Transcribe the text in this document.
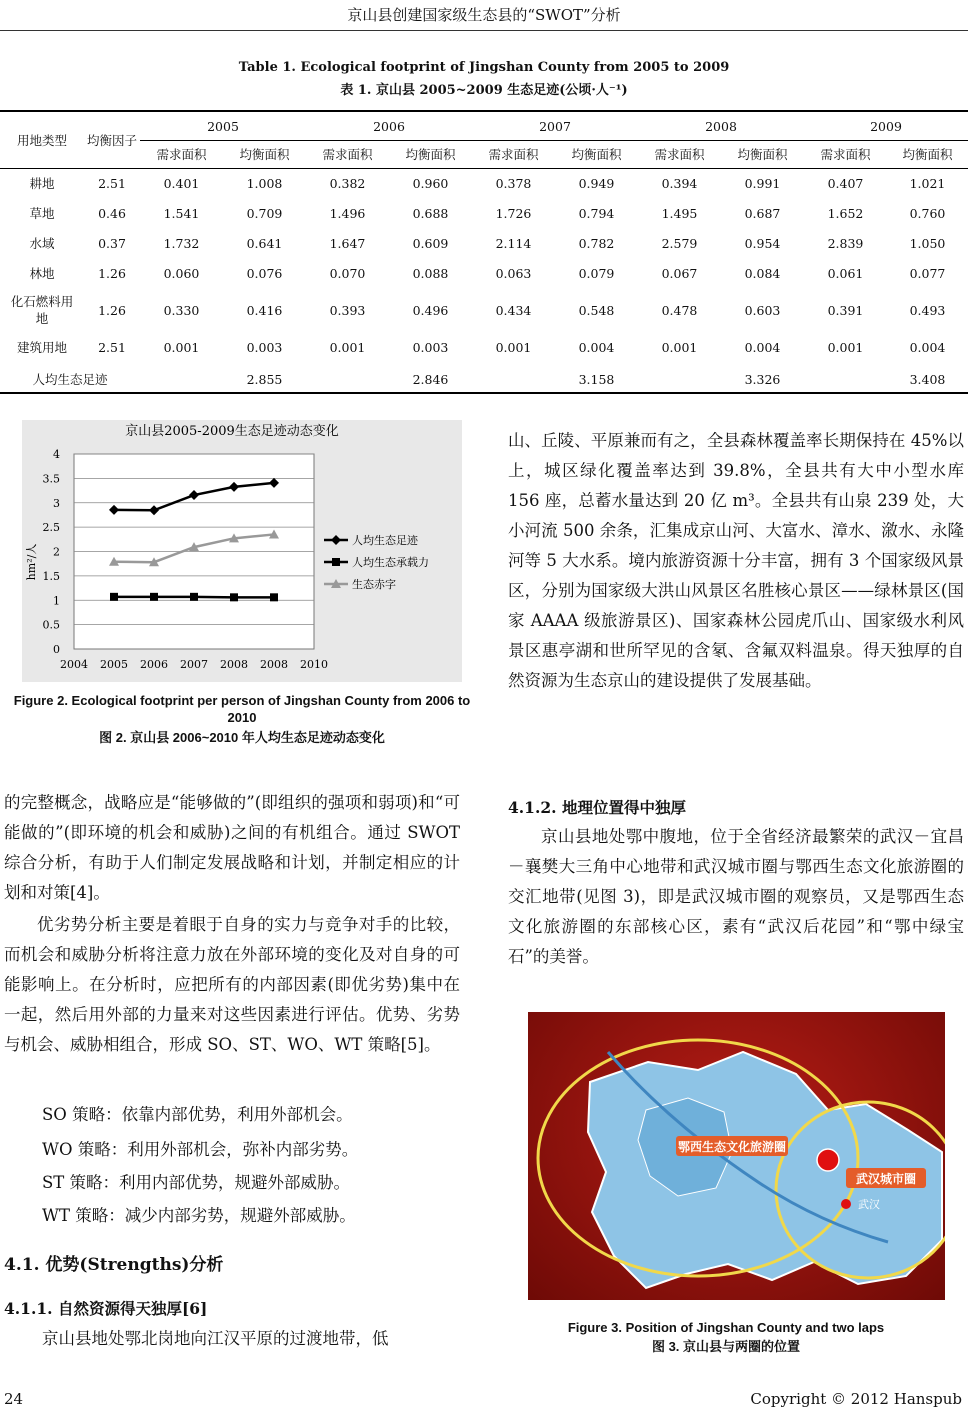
京山县创建国家级生态县的“SWOT”分析
Table 1. Ecological footprint of Jingshan County from 2005 to 2009
表 1. 京山县 2005~2009 生态足迹(公顷·人⁻¹)
用地类型	均衡因子	2005		2006		2007		2008		2009	
		需求面积	均衡面积	需求面积	均衡面积	需求面积	均衡面积	需求面积	均衡面积	需求面积	均衡面积
耕地	2.51	0.401	1.008	0.382	0.960	0.378	0.949	0.394	0.991	0.407	1.021
草地	0.46	1.541	0.709	1.496	0.688	1.726	0.794	1.495	0.687	1.652	0.760
水域	0.37	1.732	0.641	1.647	0.609	2.114	0.782	2.579	0.954	2.839	1.050
林地	1.26	0.060	0.076	0.070	0.088	0.063	0.079	0.067	0.084	0.061	0.077
化石燃料用地	1.26	0.330	0.416	0.393	0.496	0.434	0.548	0.478	0.603	0.391	0.493
建筑用地	2.51	0.001	0.003	0.001	0.003	0.001	0.004	0.001	0.004	0.001	0.004
人均生态足迹			2.855		2.846		3.158		3.326		3.408
0
0.5
1
1.5
2
2.5
3
3.5
4
2004 2005 2006 2007 2008 2008 2010
京山县2005-2009生态足迹动态变化
hm²/人
人均生态足迹
人均生态承载力
生态赤字
Figure 2. Ecological footprint per person of Jingshan County from 2006 to 2010
图 2. 京山县 2006~2010 年人均生态足迹动态变化
的完整概念，战略应是“能够做的”(即组织的强项和弱项)和“可能做的”(即环境的机会和威胁)之间的有机组合。通过 SWOT 综合分析，有助于人们制定发展战略和计划，并制定相应的计划和对策[4]。
优劣势分析主要是着眼于自身的实力与竞争对手的比较，而机会和威胁分析将注意力放在外部环境的变化及对自身的可能影响上。在分析时，应把所有的内部因素(即优劣势)集中在一起，然后用外部的力量来对这些因素进行评估。优势、劣势与机会、威胁相组合，形成 SO、ST、WO、WT 策略[5]。
SO 策略：依靠内部优势，利用外部机会。
WO 策略：利用外部机会，弥补内部劣势。
ST 策略：利用内部优势，规避外部威胁。
WT 策略：减少内部劣势，规避外部威胁。
4.1. 优势(Strengths)分析
4.1.1. 自然资源得天独厚[6]
京山县地处鄂北岗地向江汉平原的过渡地带，低
山、丘陵、平原兼而有之，全县森林覆盖率长期保持在 45%以上，城区绿化覆盖率达到 39.8%，全县共有大中小型水库 156 座，总蓄水量达到 20 亿 m³。全县共有山泉 239 处，大小河流 500 余条，汇集成京山河、大富水、漳水、漵水、永隆河等 5 大水系。境内旅游资源十分丰富，拥有 3 个国家级风景区，分别为国家级大洪山风景区名胜核心景区——绿林景区(国家 AAAA 级旅游景区)、国家森林公园虎爪山、国家级水利风景区惠亭湖和世所罕见的含氡、含氟双料温泉。得天独厚的自然资源为生态京山的建设提供了发展基础。
4.1.2. 地理位置得中独厚
京山县地处鄂中腹地，位于全省经济最繁荣的武汉－宜昌－襄樊大三角中心地带和武汉城市圈与鄂西生态文化旅游圈的交汇地带(见图 3)，即是武汉城市圈的观察员，又是鄂西生态文化旅游圈的东部核心区，素有“武汉后花园”和“鄂中绿宝石”的美誉。
鄂西生态文化旅游圈
武汉城市圈
武汉
Figure 3. Position of Jingshan County and two laps
图 3. 京山县与两圈的位置
24	Copyright © 2012 Hanspub
